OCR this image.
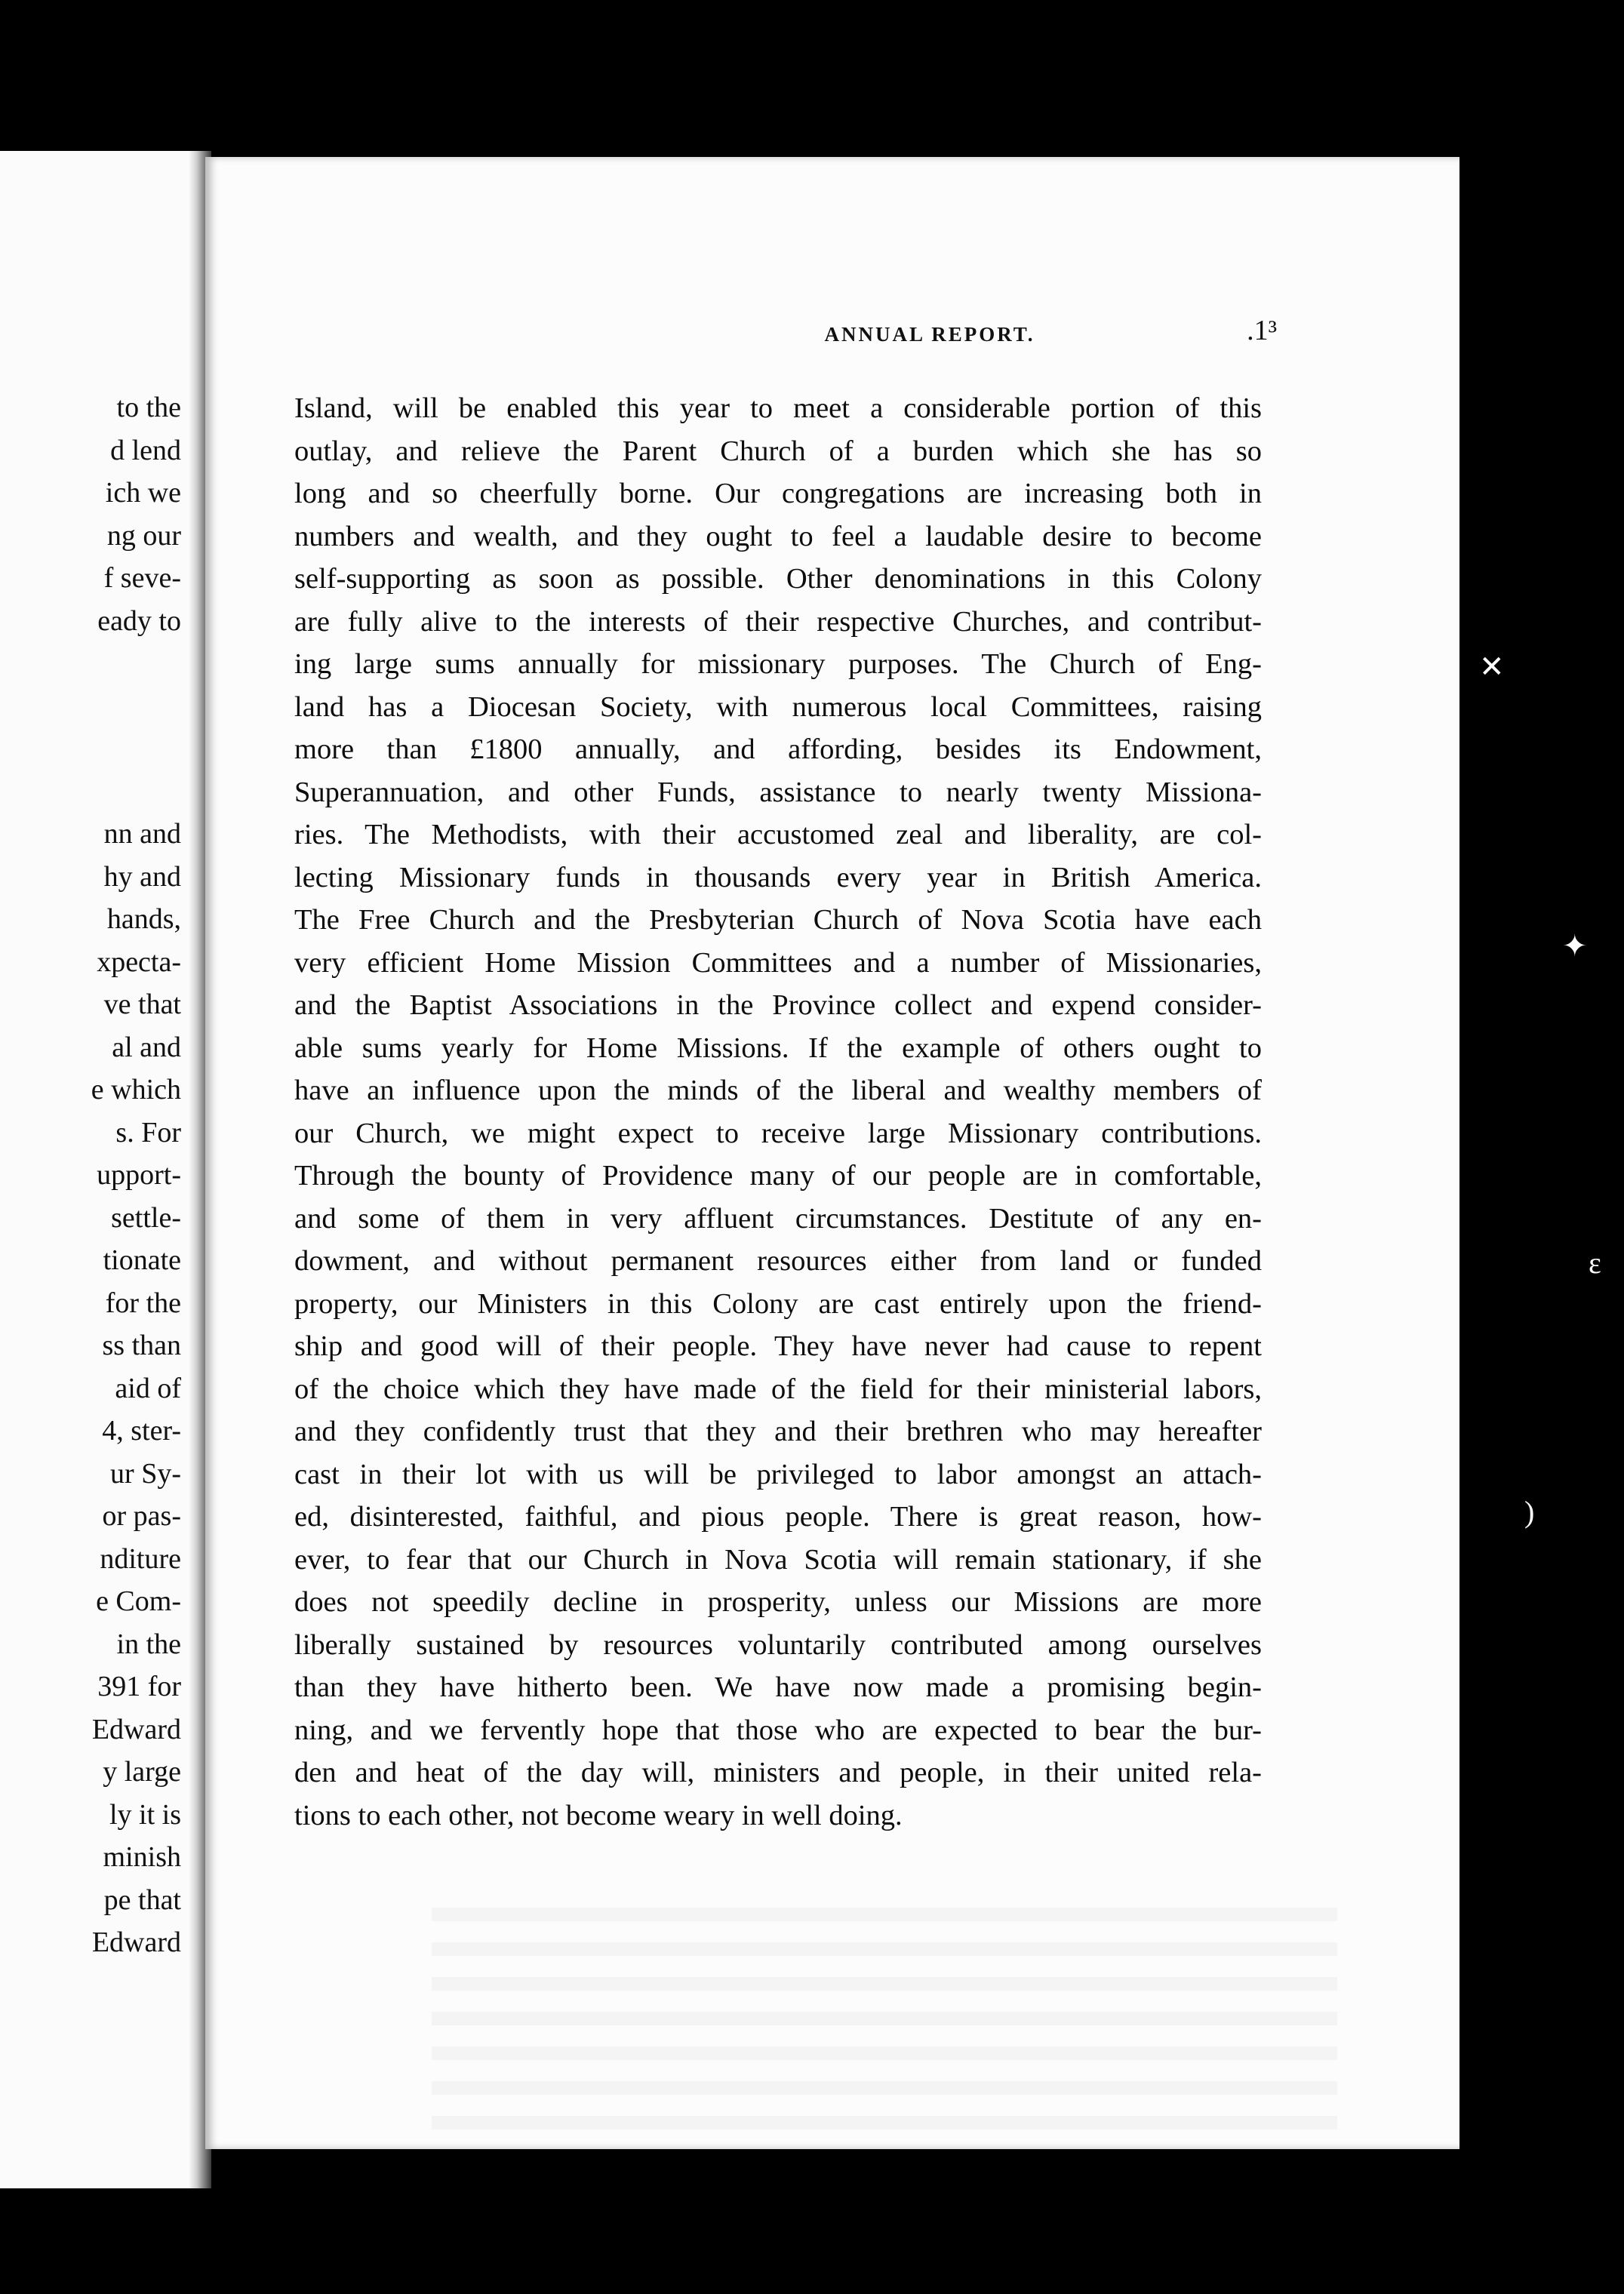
to the
d lend
ich we
ng our
f seve-
eady to

nn and
hy and
hands,
xpecta-
ve that
al and
e which
s. For
upport-
settle-
tionate
for the
ss than
aid of
4, ster-
ur Sy-
or pas-
nditure
e Com-
in the
391 for
Edward
y large
ly it is
minish
pe that
Edward
ANNUAL REPORT.	.1³
Island, will be enabled this year to meet a considerable portion of this
outlay, and relieve the Parent Church of a burden which she has so
long and so cheerfully borne. Our congregations are increasing both in
numbers and wealth, and they ought to feel a laudable desire to become
self-supporting as soon as possible. Other denominations in this Colony
are fully alive to the interests of their respective Churches, and contribut-
ing large sums annually for missionary purposes. The Church of Eng-
land has a Diocesan Society, with numerous local Committees, raising
more than £1800 annually, and affording, besides its Endowment,
Superannuation, and other Funds, assistance to nearly twenty Missiona-
ries. The Methodists, with their accustomed zeal and liberality, are col-
lecting Missionary funds in thousands every year in British America.
The Free Church and the Presbyterian Church of Nova Scotia have each
very efficient Home Mission Committees and a number of Missionaries,
and the Baptist Associations in the Province collect and expend consider-
able sums yearly for Home Missions. If the example of others ought to
have an influence upon the minds of the liberal and wealthy members of
our Church, we might expect to receive large Missionary contributions.
Through the bounty of Providence many of our people are in comfortable,
and some of them in very affluent circumstances. Destitute of any en-
dowment, and without permanent resources either from land or funded
property, our Ministers in this Colony are cast entirely upon the friend-
ship and good will of their people. They have never had cause to repent
of the choice which they have made of the field for their ministerial labors,
and they confidently trust that they and their brethren who may hereafter
cast in their lot with us will be privileged to labor amongst an attach-
ed, disinterested, faithful, and pious people. There is great reason, how-
ever, to fear that our Church in Nova Scotia will remain stationary, if she
does not speedily decline in prosperity, unless our Missions are more
liberally sustained by resources voluntarily contributed among ourselves
than they have hitherto been. We have now made a promising begin-
ning, and we fervently hope that those who are expected to bear the bur-
den and heat of the day will, ministers and people, in their united rela-
tions to each other, not become weary in well doing.
✕
✦
ε
)
